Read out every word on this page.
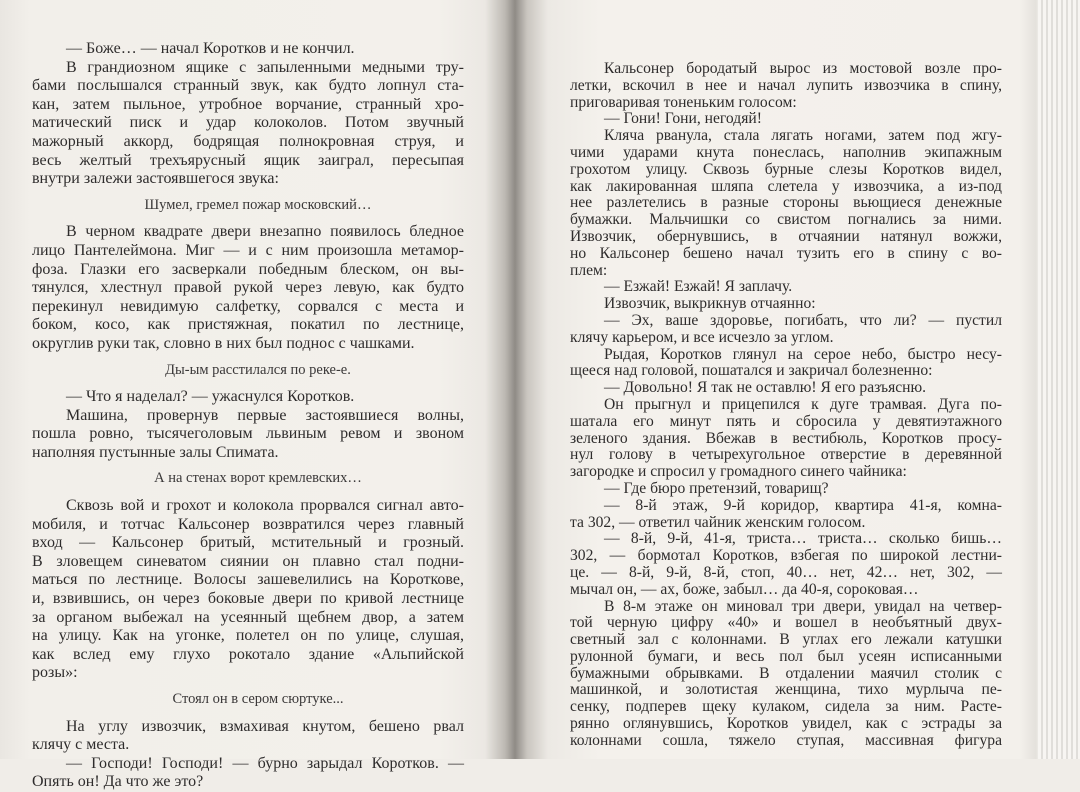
— Боже… — начал Коротков и не кончил.
В грандиозном ящике с запыленными медными тру-
бами послышался странный звук, как будто лопнул ста-
кан, затем пыльное, утробное ворчание, странный хро-
матический писк и удар колоколов. Потом звучный
мажорный аккорд, бодрящая полнокровная струя, и
весь желтый трехъярусный ящик заиграл, пересыпая
внутри залежи застоявшегося звука:
Шумел, гремел пожар московский…
В черном квадрате двери внезапно появилось бледное
лицо Пантелеймона. Миг — и с ним произошла метамор-
фоза. Глазки его засверкали победным блеском, он вы-
тянулся, хлестнул правой рукой через левую, как будто
перекинул невидимую салфетку, сорвался с места и
боком, косо, как пристяжная, покатил по лестнице,
округлив руки так, словно в них был поднос с чашками.
Ды-ым расстилался по реке-е.
— Что я наделал? — ужаснулся Коротков.
Машина, провернув первые застоявшиеся волны,
пошла ровно, тысячеголовым львиным ревом и звоном
наполняя пустынные залы Спимата.
А на стенах ворот кремлевских…
Сквозь вой и грохот и колокола прорвался сигнал авто-
мобиля, и тотчас Кальсонер возвратился через главный
вход — Кальсонер бритый, мстительный и грозный.
В зловещем синеватом сиянии он плавно стал подни-
маться по лестнице. Волосы зашевелились на Короткове,
и, взвившись, он через боковые двери по кривой лестнице
за органом выбежал на усеянный щебнем двор, а затем
на улицу. Как на угонке, полетел он по улице, слушая,
как вслед ему глухо рокотало здание «Альпийской
розы»:
Стоял он в сером сюртуке...
На углу извозчик, взмахивая кнутом, бешено рвал
клячу с места.
— Господи! Господи! — бурно зарыдал Коротков. —
Опять он! Да что же это?
Кальсонер бородатый вырос из мостовой возле про-
летки, вскочил в нее и начал лупить извозчика в спину,
приговаривая тоненьким голосом:
— Гони! Гони, негодяй!
Кляча рванула, стала лягать ногами, затем под жгу-
чими ударами кнута понеслась, наполнив экипажным
грохотом улицу. Сквозь бурные слезы Коротков видел,
как лакированная шляпа слетела у извозчика, а из-под
нее разлетелись в разные стороны вьющиеся денежные
бумажки. Мальчишки со свистом погнались за ними.
Извозчик, обернувшись, в отчаянии натянул вожжи,
но Кальсонер бешено начал тузить его в спину с во-
плем:
— Езжай! Езжай! Я заплачу.
Извозчик, выкрикнув отчаянно:
— Эх, ваше здоровье, погибать, что ли? — пустил
клячу карьером, и все исчезло за углом.
Рыдая, Коротков глянул на серое небо, быстро несу-
щееся над головой, пошатался и закричал болезненно:
— Довольно! Я так не оставлю! Я его разъясню.
Он прыгнул и прицепился к дуге трамвая. Дуга по-
шатала его минут пять и сбросила у девятиэтажного
зеленого здания. Вбежав в вестибюль, Коротков просу-
нул голову в четырехугольное отверстие в деревянной
загородке и спросил у громадного синего чайника:
— Где бюро претензий, товарищ?
— 8-й этаж, 9-й коридор, квартира 41-я, комна-
та 302, — ответил чайник женским голосом.
— 8-й, 9-й, 41-я, триста… триста… сколько бишь…
302, — бормотал Коротков, взбегая по широкой лестни-
це. — 8-й, 9-й, 8-й, стоп, 40… нет, 42… нет, 302, —
мычал он, — ах, боже, забыл… да 40-я, сороковая…
В 8-м этаже он миновал три двери, увидал на четвер-
той черную цифру «40» и вошел в необъятный двух-
светный зал с колоннами. В углах его лежали катушки
рулонной бумаги, и весь пол был усеян исписанными
бумажными обрывками. В отдалении маячил столик с
машинкой, и золотистая женщина, тихо мурлыча пе-
сенку, подперев щеку кулаком, сидела за ним. Расте-
рянно оглянувшись, Коротков увидел, как с эстрады за
колоннами сошла, тяжело ступая, массивная фигура
